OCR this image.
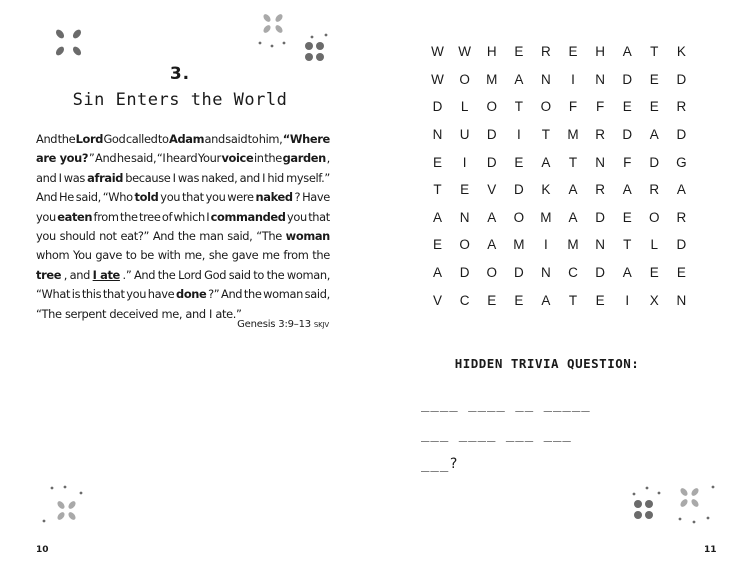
3.
Sin Enters the World
And the Lord God called to Adam and said to him, “Where
are you? ” And he said, “I heard Your voice in the garden ,
and I was afraid because I was naked, and I hid myself.”
And He said, “Who told you that you were naked ? Have
you eaten from the tree of which I commanded you that
you should not eat?” And the man said, “The woman
whom You gave to be with me, she gave me from the
tree , and I ate .” And the Lord God said to the woman,
“What is this that you have done ?” And the woman said,
“The serpent deceived me, and I ate.”
Genesis 3:9–13 skjv
10
W	W	H	E	R	E	H	A	T	K
W	O	M	A	N	I	N	D	E	D
D	L	O	T	O	F	F	E	E	R
N	U	D	I	T	M	R	D	A	D
E	I	D	E	A	T	N	F	D	G
T	E	V	D	K	A	R	A	R	A
A	N	A	O	M	A	D	E	O	R
E	O	A	M	I	M	N	T	L	D
A	D	O	D	N	C	D	A	E	E
V	C	E	E	A	T	E	I	X	N
HIDDEN TRIVIA QUESTION:
____ ____ __ _____
___ ____ ___ ___
___?
11
